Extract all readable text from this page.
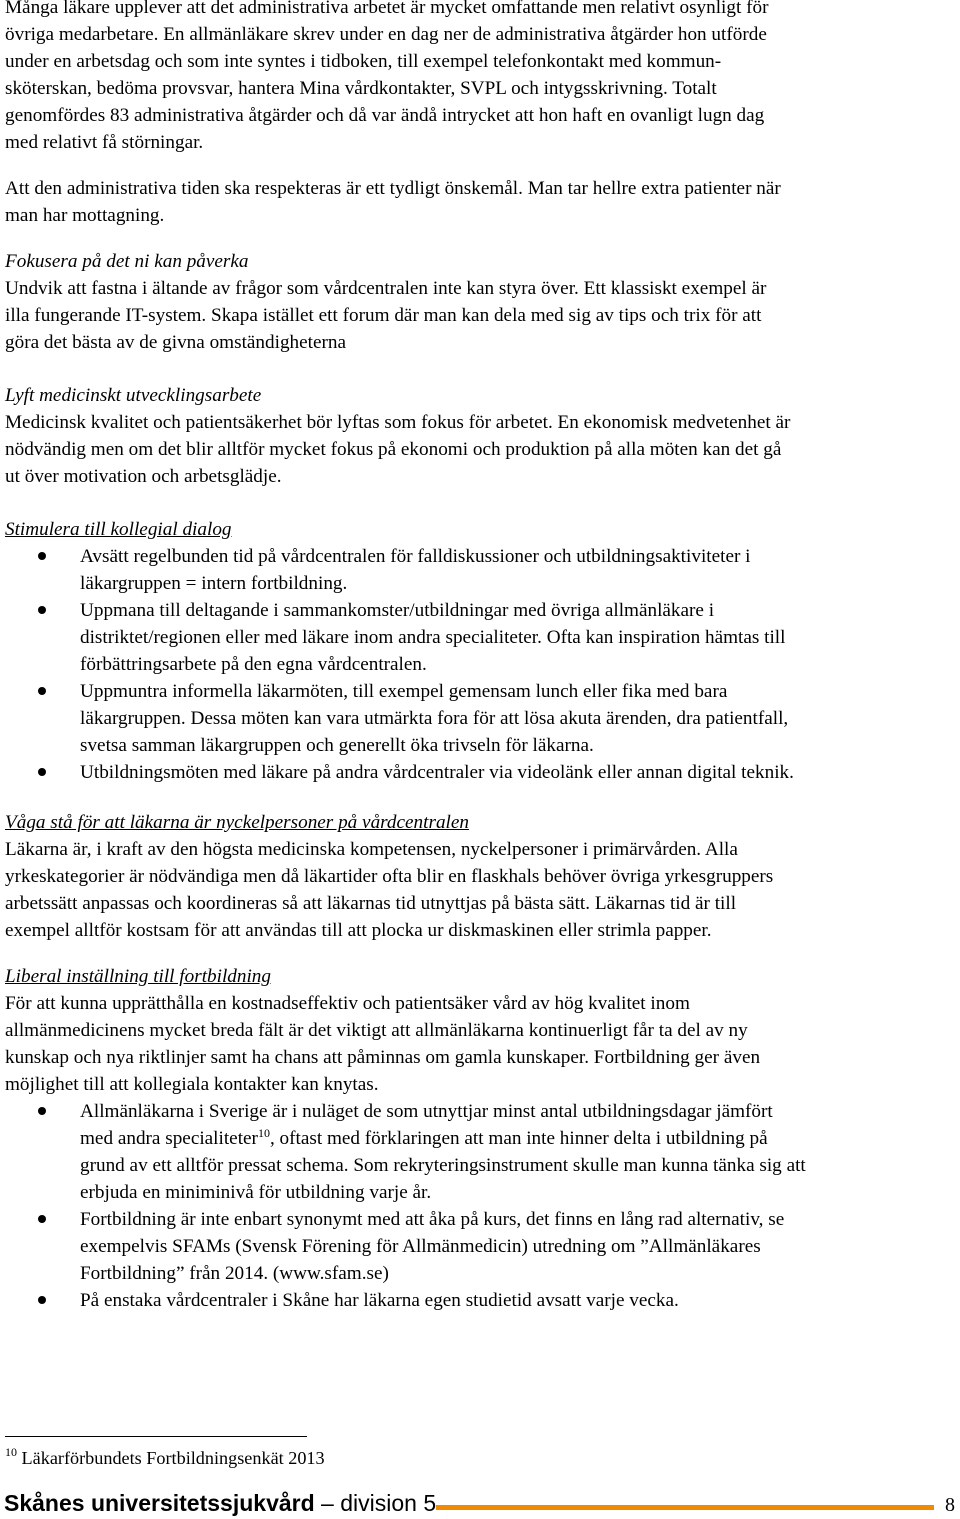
Många läkare upplever att det administrativa arbetet är mycket omfattande men relativt osynligt för
övriga medarbetare. En allmänläkare skrev under en dag ner de administrativa åtgärder hon utförde
under en arbetsdag och som inte syntes i tidboken, till exempel telefonkontakt med kommun-
sköterskan, bedöma provsvar, hantera Mina vårdkontakter, SVPL och intygsskrivning. Totalt
genomfördes 83 administrativa åtgärder och då var ändå intrycket att hon haft en ovanligt lugn dag
med relativt få störningar.

Att den administrativa tiden ska respekteras är ett tydligt önskemål. Man tar hellre extra patienter när
man har mottagning.

Fokusera på det ni kan påverka

Undvik att fastna i ältande av frågor som vårdcentralen inte kan styra över. Ett klassiskt exempel är
illa fungerande IT-system. Skapa istället ett forum där man kan dela med sig av tips och trix för att
göra det bästa av de givna omständigheterna

Lyft medicinskt utvecklingsarbete

Medicinsk kvalitet och patientsäkerhet bör lyftas som fokus för arbetet. En ekonomisk medvetenhet är
nödvändig men om det blir alltför mycket fokus på ekonomi och produktion på alla möten kan det gå
ut över motivation och arbetsglädje.

Stimulera till kollegial dialog

Avsätt regelbunden tid på vårdcentralen för falldiskussioner och utbildningsaktiviteter i
läkargruppen = intern fortbildning.
Uppmana till deltagande i sammankomster/utbildningar med övriga allmänläkare i
distriktet/regionen eller med läkare inom andra specialiteter. Ofta kan inspiration hämtas till
förbättringsarbete på den egna vårdcentralen.
Uppmuntra informella läkarmöten, till exempel gemensam lunch eller fika med bara
läkargruppen. Dessa möten kan vara utmärkta fora för att lösa akuta ärenden, dra patientfall,
svetsa samman läkargruppen och generellt öka trivseln för läkarna.
Utbildningsmöten med läkare på andra vårdcentraler via videolänk eller annan digital teknik.

Våga stå för att läkarna är nyckelpersoner på vårdcentralen

Läkarna är, i kraft av den högsta medicinska kompetensen, nyckelpersoner i primärvården. Alla
yrkeskategorier är nödvändiga men då läkartider ofta blir en flaskhals behöver övriga yrkesgruppers
arbetssätt anpassas och koordineras så att läkarnas tid utnyttjas på bästa sätt. Läkarnas tid är till
exempel alltför kostsam för att användas till att plocka ur diskmaskinen eller strimla papper.

Liberal inställning till fortbildning

För att kunna upprätthålla en kostnadseffektiv och patientsäker vård av hög kvalitet inom
allmänmedicinens mycket breda fält är det viktigt att allmänläkarna kontinuerligt får ta del av ny
kunskap och nya riktlinjer samt ha chans att påminnas om gamla kunskaper. Fortbildning ger även
möjlighet till att kollegiala kontakter kan knytas.

Allmänläkarna i Sverige är i nuläget de som utnyttjar minst antal utbildningsdagar jämfört
med andra specialiteter$^{10}$, oftast med förklaringen att man inte hinner delta i utbildning på
grund av ett alltför pressat schema. Som rekryteringsinstrument skulle man kunna tänka sig att
erbjuda en miniminivå för utbildning varje år.
Fortbildning är inte enbart synonymt med att åka på kurs, det finns en lång rad alternativ, se
exempelvis SFAMs (Svensk Förening för Allmänmedicin) utredning om ”Allmänläkares
Fortbildning” från 2014. (www.sfam.se)
På enstaka vårdcentraler i Skåne har läkarna egen studietid avsatt varje vecka.
$^{10}$ Läkarförbundets Fortbildningsenkät 2013
Skånes universitetssjukvård – division 5	8
